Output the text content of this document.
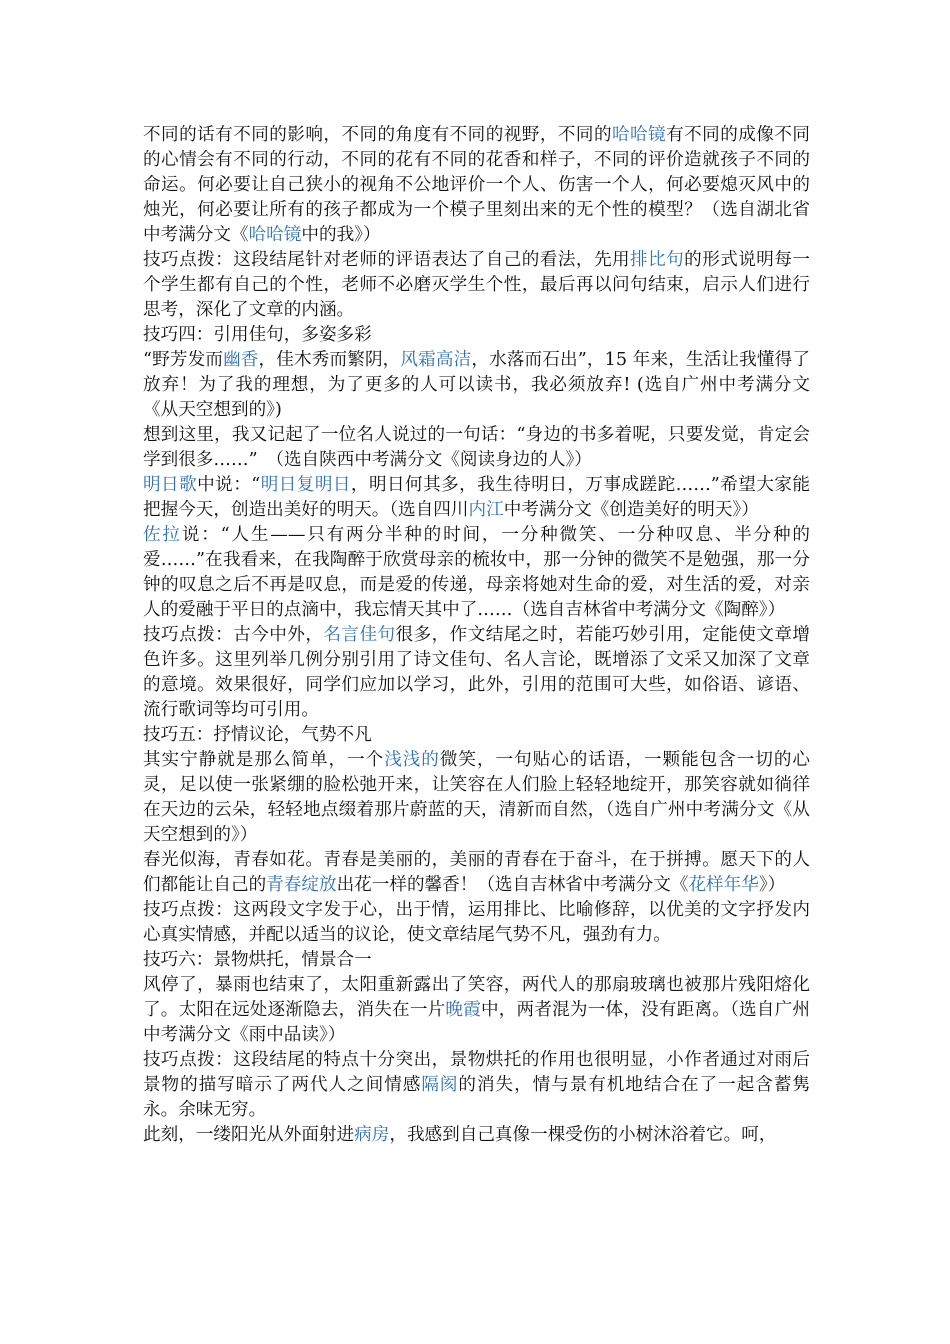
不同的话有不同的影响，不同的角度有不同的视野，不同的哈哈镜有不同的成像不同的心情会有不同的行动，不同的花有不同的花香和样子，不同的评价造就孩子不同的命运。何必要让自己狭小的视角不公地评价一个人、伤害一个人，何必要熄灭风中的烛光，何必要让所有的孩子都成为一个模子里刻出来的无个性的模型？（选自湖北省中考满分文《哈哈镜中的我》）

技巧点拨：这段结尾针对老师的评语表达了自己的看法，先用排比句的形式说明每一个学生都有自己的个性，老师不必磨灭学生个性，最后再以问句结束，启示人们进行思考，深化了文章的内涵。

技巧四：引用佳句，多姿多彩

“野芳发而幽香，佳木秀而繁阴，风霜高洁，水落而石出”，15 年来，生活让我懂得了放弃！为了我的理想，为了更多的人可以读书，我必须放弃! (选自广州中考满分文《从天空想到的》)

想到这里，我又记起了一位名人说过的一句话：“身边的书多着呢，只要发觉，肯定会学到很多……”　（选自陕西中考满分文《阅读身边的人》）

明日歌中说：“明日复明日，明日何其多，我生待明日，万事成蹉跎……”希望大家能把握今天，创造出美好的明天。（选自四川内江中考满分文《创造美好的明天》）

佐拉说：“人生——只有两分半种的时间，一分种微笑、一分种叹息、半分种的爱……”在我看来，在我陶醉于欣赏母亲的梳妆中，那一分钟的微笑不是勉强，那一分钟的叹息之后不再是叹息，而是爱的传递，母亲将她对生命的爱，对生活的爱，对亲人的爱融于平日的点滴中，我忘情天其中了……（选自吉林省中考满分文《陶醉》）

技巧点拨：古今中外，名言佳句很多，作文结尾之时，若能巧妙引用，定能使文章增色许多。这里列举几例分别引用了诗文佳句、名人言论，既增添了文采又加深了文章的意境。效果很好，同学们应加以学习，此外，引用的范围可大些，如俗语、谚语、流行歌词等均可引用。

技巧五：抒情议论，气势不凡

其实宁静就是那么简单，一个浅浅的微笑，一句贴心的话语，一颗能包含一切的心灵，足以使一张紧绷的脸松弛开来，让笑容在人们脸上轻轻地绽开，那笑容就如徜徉在天边的云朵，轻轻地点缀着那片蔚蓝的天，清新而自然，（选自广州中考满分文《从天空想到的》）

春光似海，青春如花。青春是美丽的，美丽的青春在于奋斗，在于拼搏。愿天下的人们都能让自己的青春绽放出花一样的馨香！（选自吉林省中考满分文《花样年华》）

技巧点拨：这两段文字发于心，出于情，运用排比、比喻修辞，以优美的文字抒发内心真实情感，并配以适当的议论，使文章结尾气势不凡，强劲有力。

技巧六：景物烘托，情景合一

风停了，暴雨也结束了，太阳重新露出了笑容，两代人的那扇玻璃也被那片残阳熔化了。太阳在远处逐渐隐去，消失在一片晚霞中，两者混为一体，没有距离。（选自广州中考满分文《雨中品读》）

技巧点拨：这段结尾的特点十分突出，景物烘托的作用也很明显，小作者通过对雨后景物的描写暗示了两代人之间情感隔阂的消失，情与景有机地结合在了一起含蓄隽永。余味无穷。

此刻，一缕阳光从外面射进病房，我感到自己真像一棵受伤的小树沐浴着它。呵，
